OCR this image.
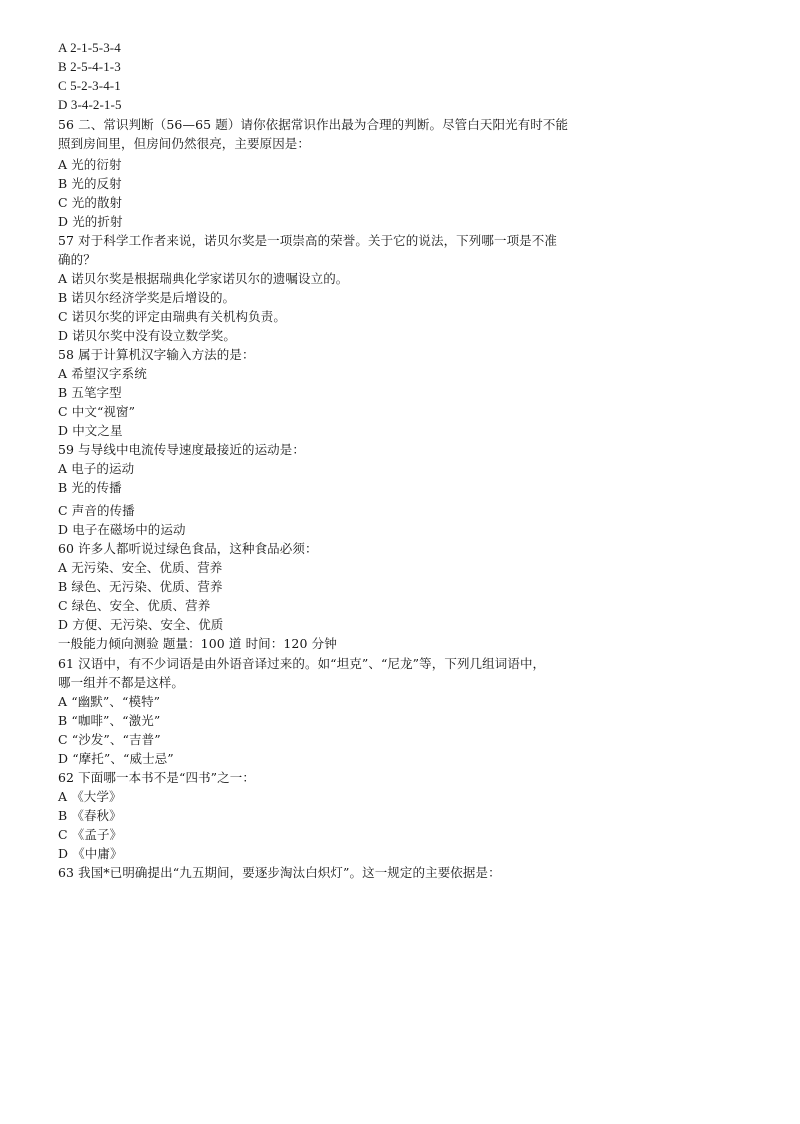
A 2-1-5-3-4

B 2-5-4-1-3

C 5-2-3-4-1

D 3-4-2-1-5

56 二、常识判断（56—65 题）请你依据常识作出最为合理的判断。尽管白天阳光有时不能

照到房间里，但房间仍然很亮，主要原因是：

A 光的衍射

B 光的反射

C 光的散射

D 光的折射

57 对于科学工作者来说，诺贝尔奖是一项崇高的荣誉。关于它的说法，下列哪一项是不准

确的？

A 诺贝尔奖是根据瑞典化学家诺贝尔的遗嘱设立的。

B 诺贝尔经济学奖是后增设的。

C 诺贝尔奖的评定由瑞典有关机构负责。

D 诺贝尔奖中没有设立数学奖。

58 属于计算机汉字输入方法的是：

A 希望汉字系统

B 五笔字型

C 中文“视窗”

D 中文之星

59 与导线中电流传导速度最接近的运动是：

A 电子的运动

B 光的传播

C 声音的传播

D 电子在磁场中的运动

60 许多人都听说过绿色食品，这种食品必须：

A 无污染、安全、优质、营养

B 绿色、无污染、优质、营养

C 绿色、安全、优质、营养

D 方便、无污染、安全、优质

一般能力倾向测验 题量：100 道 时间：120 分钟

61 汉语中，有不少词语是由外语音译过来的。如“坦克”、“尼龙”等，下列几组词语中，

哪一组并不都是这样。

A “幽默”、“模特”

B “咖啡”、“激光”

C “沙发”、“吉普”

D “摩托”、“威士忌”

62 下面哪一本书不是“四书”之一：

A 《大学》

B 《春秋》

C 《孟子》

D 《中庸》

63 我国*已明确提出“九五期间，要逐步淘汰白炽灯”。这一规定的主要依据是：
